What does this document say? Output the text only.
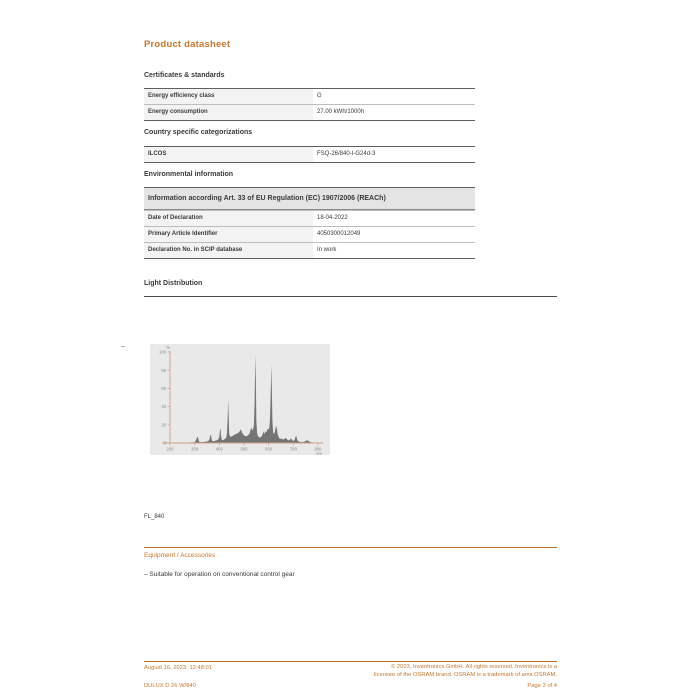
Product datasheet
Certificates & standards
Energy efficiency class	G
Energy consumption	27.00 kWh/1000h
Country specific categorizations
ILCOS	FSQ-26/840-I-G24d-3
Environmental information
Information according Art. 33 of EU Regulation (EC) 1907/2006 (REACh)
Date of Declaration	18-04-2022
Primary Article Identifier	4050300012049
Declaration No. in SCIP database	In work
Light Distribution
–
0
20
40
60
80
100
%
200	300	400	500	600	700	800
nm
FL_840
Equipment / Accessories
– Suitable for operation on conventional control gear
August 16, 2023, 12:48:01
DULUX D 26 W/840
© 2023, Inventronics GmbH. All rights reserved. Inventronics is a
licensee of the OSRAM brand. OSRAM is a trademark of ams OSRAM.
Page 3 of 4
